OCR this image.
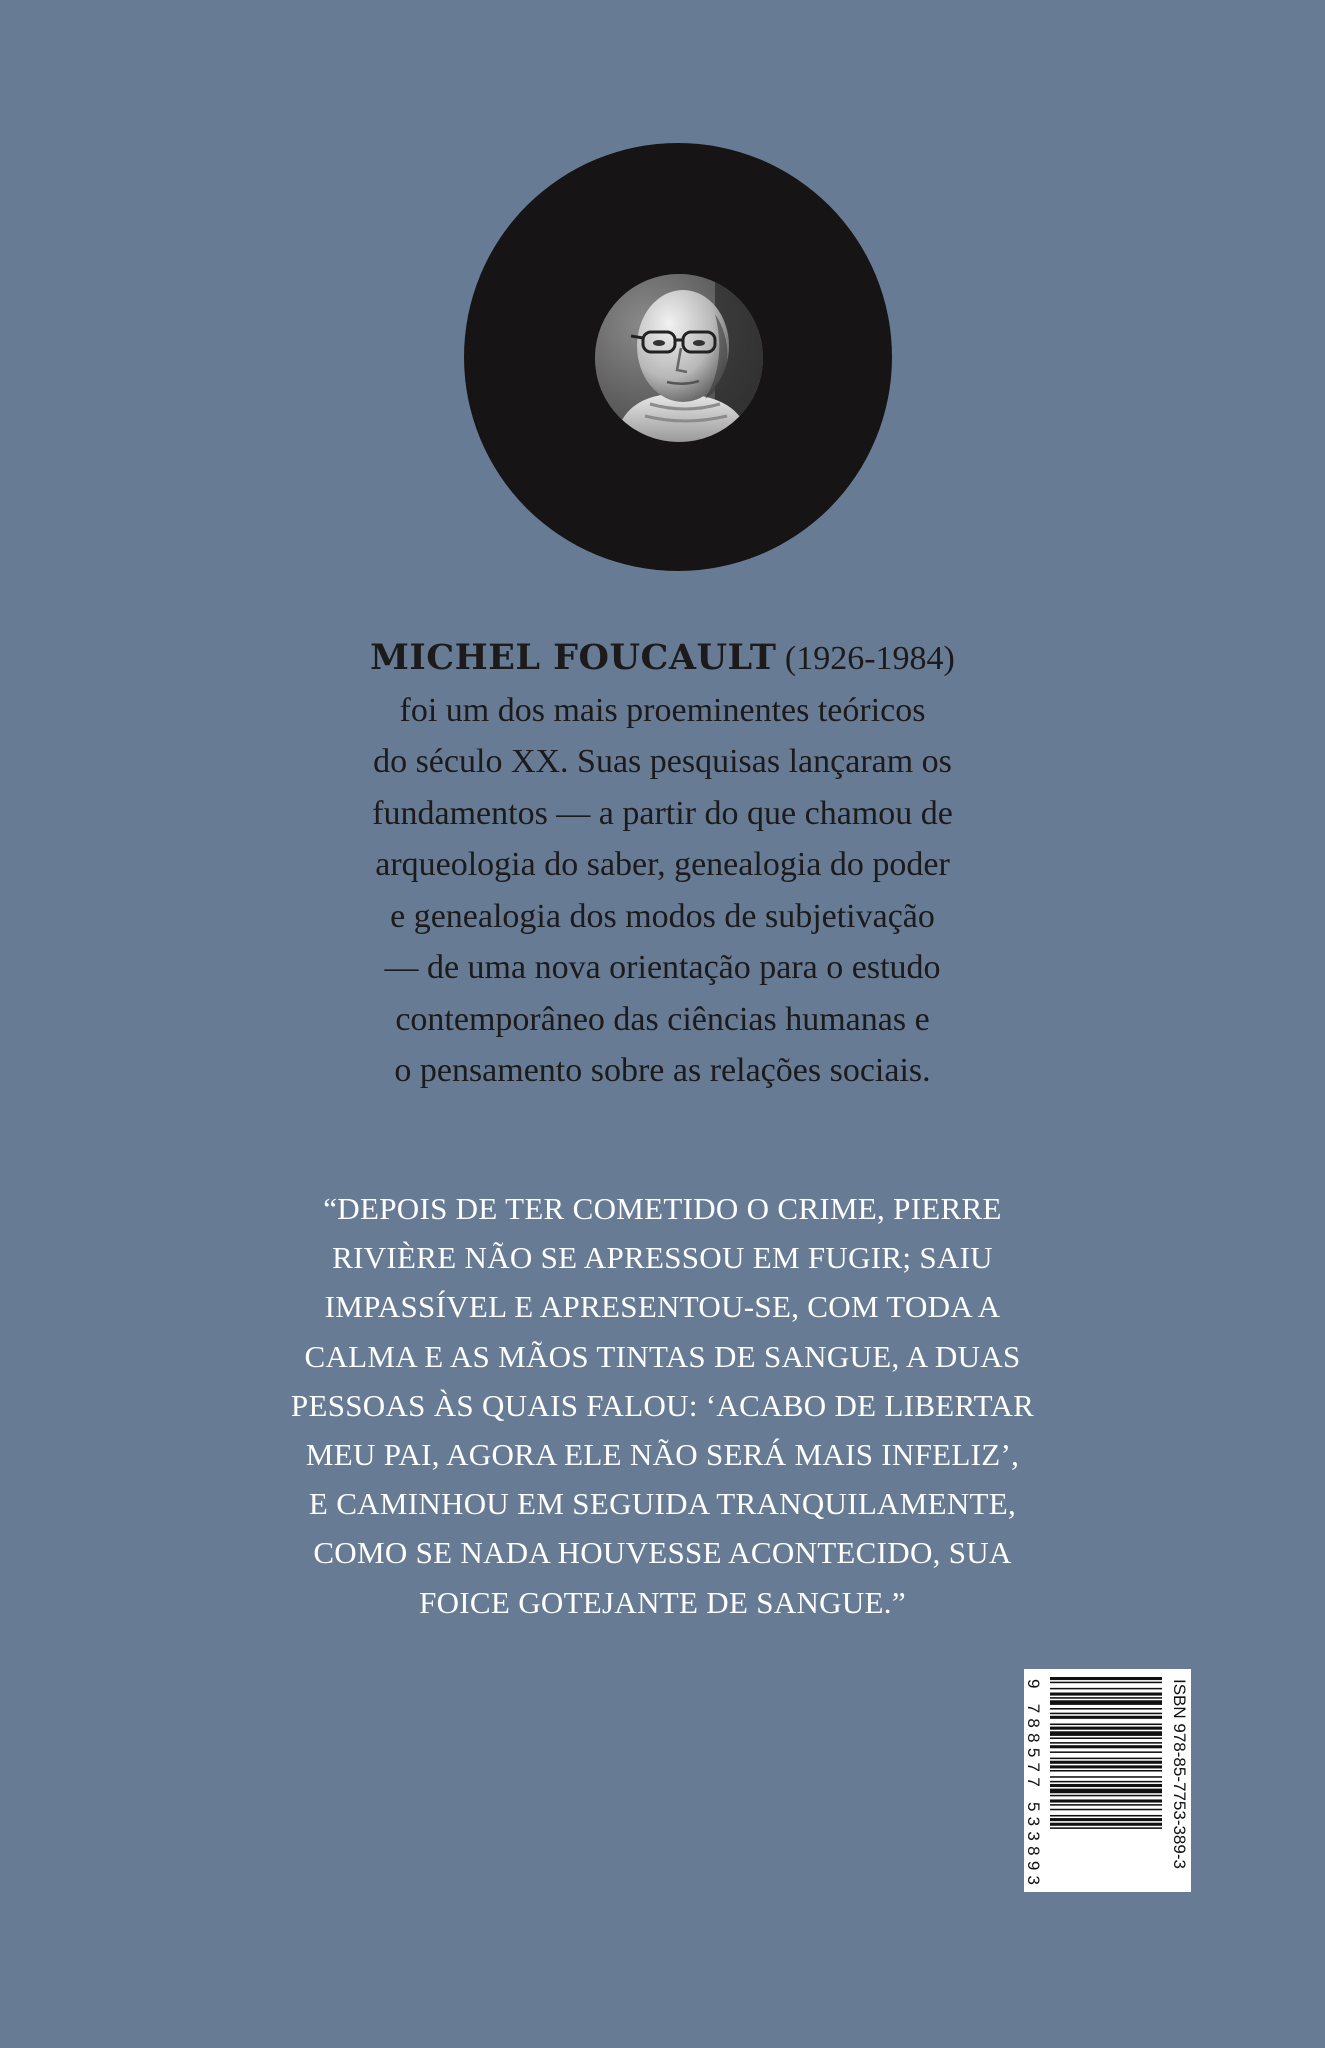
MICHEL FOUCAULT (1926-1984)
foi um dos mais proeminentes teóricos
do século XX. Suas pesquisas lançaram os
fundamentos — a partir do que chamou de
arqueologia do saber, genealogia do poder
e genealogia dos modos de subjetivação
— de uma nova orientação para o estudo
contemporâneo das ciências humanas e
o pensamento sobre as relações sociais.
“DEPOIS DE TER COMETIDO O CRIME, PIERRE
RIVIÈRE NÃO SE APRESSOU EM FUGIR; SAIU
IMPASSÍVEL E APRESENTOU-SE, COM TODA A
CALMA E AS MÃOS TINTAS DE SANGUE, A DUAS
PESSOAS ÀS QUAIS FALOU: ‘ACABO DE LIBERTAR
MEU PAI, AGORA ELE NÃO SERÁ MAIS INFELIZ’,
E CAMINHOU EM SEGUIDA TRANQUILAMENTE,
COMO SE NADA HOUVESSE ACONTECIDO, SUA
FOICE GOTEJANTE DE SANGUE.”
ISBN 978-85-7753-389-3
9 788577 533893
